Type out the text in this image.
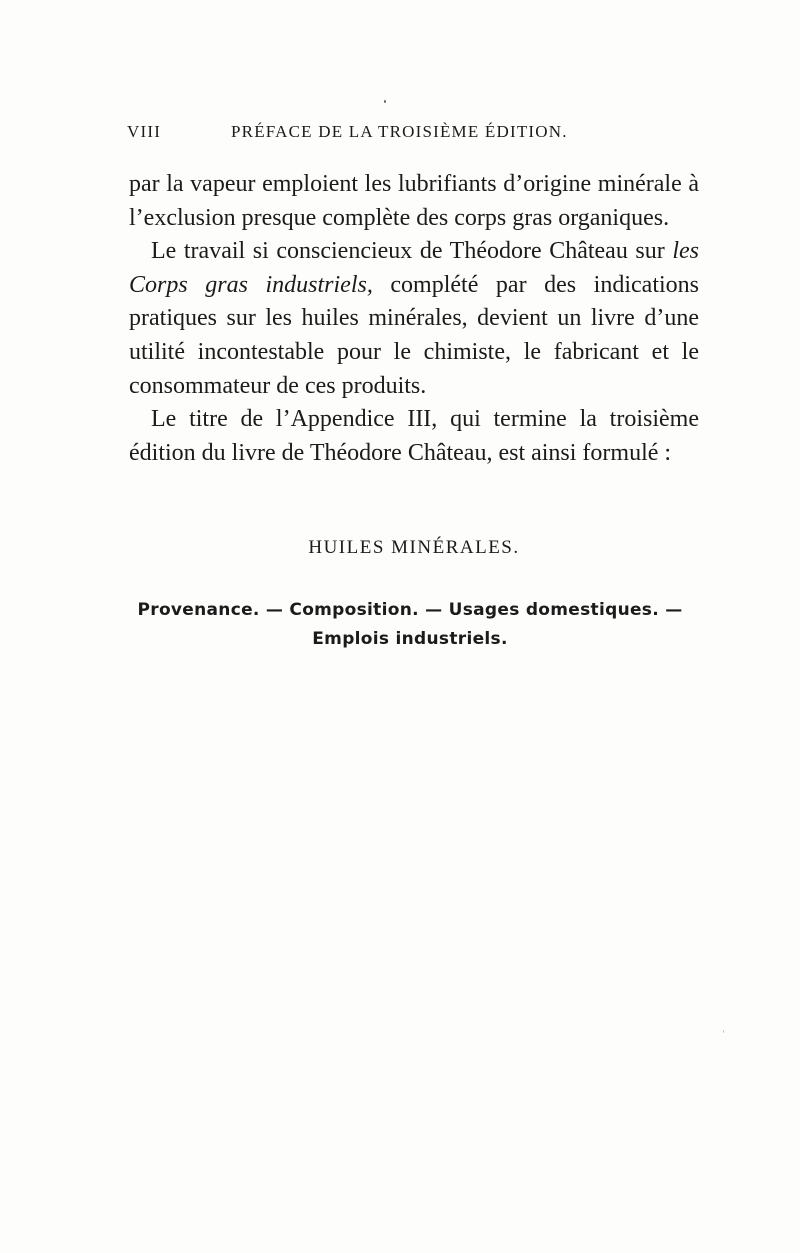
VIII	PRÉFACE DE LA TROISIÈME ÉDITION.

par la vapeur emploient les lubrifiants d’origine minérale à l’exclusion presque complète des corps gras organiques.

Le travail si consciencieux de Théodore Château sur les Corps gras industriels, complété par des indications pratiques sur les huiles minérales, devient un livre d’une utilité incontestable pour le chimiste, le fabricant et le consommateur de ces produits.

Le titre de l’Appendice III, qui termine la troisième édition du livre de Théodore Château, est ainsi formulé :

HUILES MINÉRALES.
Provenance. — Composition. — Usages domestiques. —
Emplois industriels.
